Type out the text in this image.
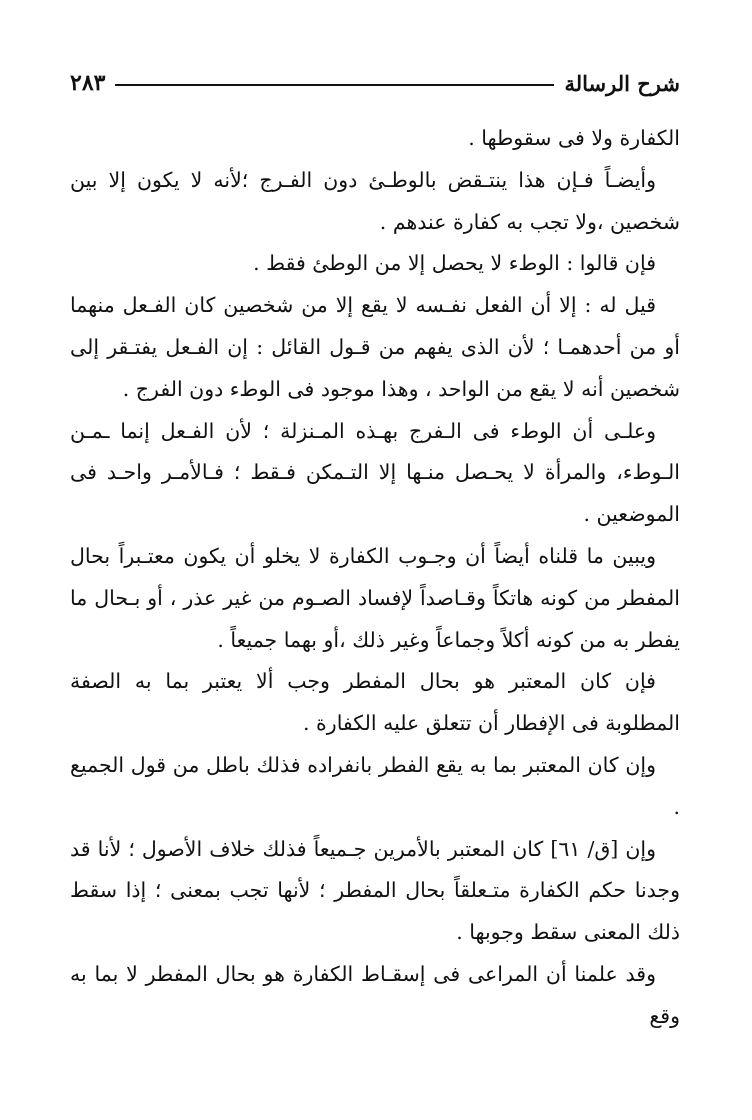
شرح الرسالة
٢٨٣

الكفارة ولا فى سقوطها .

وأيضـاً فـإن هذا ينتـقض بالوطـئ دون الفـرج ؛لأنه لا يكون إلا بين شخصين ،ولا تجب به كفارة عندهم .

فإن قالوا : الوطء لا يحصل إلا من الوطئ فقط .

قيل له : إلا أن الفعل نفـسه لا يقع إلا من شخصين كان الفـعل منهما أو من أحدهمـا ؛ لأن الذى يفهم من قـول القائل : إن الفـعل يفتـقر إلى شخصين أنه لا يقع من الواحد ، وهذا موجود فى الوطء دون الفرج .

وعلـى أن الوطء فى الـفرج بهـذه المـنزلة ؛ لأن الفـعل إنما ـمـن الـوطء، والمرأة لا يحـصل منـها إلا التـمكن فـقط ؛ فـالأمـر واحـد فى الموضعين .

ويبين ما قلناه أيضاً أن وجـوب الكفارة لا يخلو أن يكون معتـبراً بحال المفطر من كونه هاتكاً وقـاصداً لإفساد الصـوم من غير عذر ، أو بـحال ما يفطر به من كونه أكلاً وجماعاً وغير ذلك ،أو بهما جميعاً .

فإن كان المعتبر هو بحال المفطر وجب ألا يعتبر بما به الصفة المطلوبة فى الإفطار أن تتعلق عليه الكفارة .

وإن كان المعتبر بما به يقع الفطر بانفراده فذلك باطل من قول الجميع .

وإن [ق/ ٦١] كان المعتبر بالأمرين جـميعاً فذلك خلاف الأصول ؛ لأنا قد وجدنا حكم الكفارة متـعلقاً بحال المفطر ؛ لأنها تجب بمعنى ؛ إذا سقط ذلك المعنى سقط وجوبها .

وقد علمنا أن المراعى فى إسقـاط الكفارة هو بحال المفطر لا بما به وقع
